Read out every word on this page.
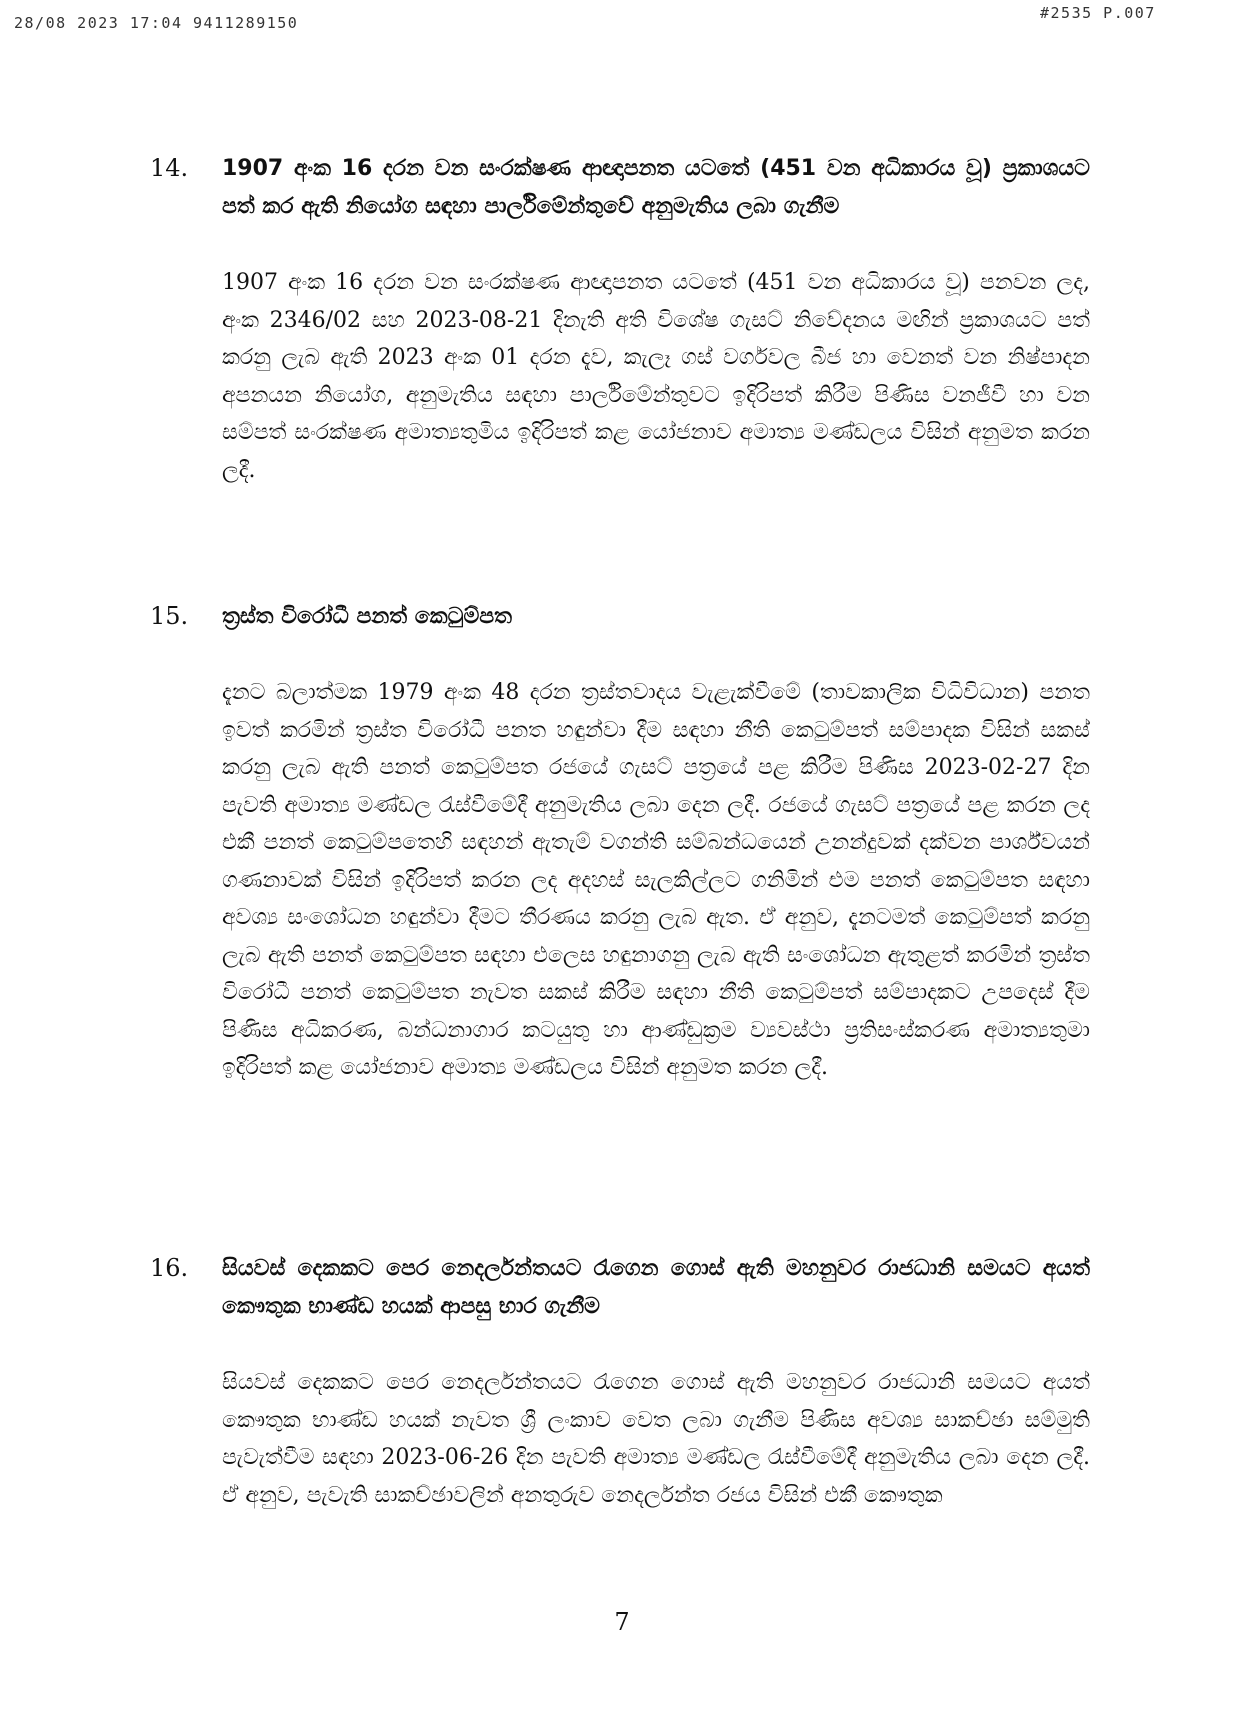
28/08 2023 17:04 9411289150
#2535 P.007
14. 1907 අංක 16 දරන වන සංරක්ෂණ ආඥාපනත යටතේ (451 වන අධිකාරය වූ) ප්‍රකාශයට පත් කර ඇති නියෝග සඳහා පාර්ලිමේන්තුවේ අනුමැතිය ලබා ගැනීම
1907 අංක 16 දරන වන සංරක්ෂණ ආඥාපනත යටතේ (451 වන අධිකාරය වූ) පනවන ලද, අංක 2346/02 සහ 2023-08-21 දිනැති අති විශේෂ ගැසට් නිවේදනය මඟින් ප්‍රකාශයට පත් කරනු ලැබ ඇති 2023 අංක 01 දරන දැව, කැලෑ ගස් වර්ගවල බීජ හා වෙනත් වන නිෂ්පාදන අපනයන නියෝග, අනුමැතිය සඳහා පාර්ලිමේන්තුවට ඉදිරිපත් කිරීම පිණිස වනජීවී හා වන සම්පත් සංරක්ෂණ අමාත්‍යතුමිය ඉදිරිපත් කළ යෝජනාව අමාත්‍ය මණ්ඩලය විසින් අනුමත කරන ලදී.
15. ත්‍රස්ත විරෝධී පනත් කෙටුම්පත
දැනට බලාත්මක 1979 අංක 48 දරන ත්‍රස්තවාදය වැළැක්වීමේ (තාවකාලික විධිවිධාන) පනත ඉවත් කරමින් ත්‍රස්ත විරෝධී පනත හඳුන්වා දීම සඳහා නීති කෙටුම්පත් සම්පාදක විසින් සකස් කරනු ලැබ ඇති පනත් කෙටුම්පත රජයේ ගැසට් පත්‍රයේ පළ කිරීම පිණිස 2023-02-27 දින පැවති අමාත්‍ය මණ්ඩල රැස්වීමේදී අනුමැතිය ලබා දෙන ලදී. රජයේ ගැසට් පත්‍රයේ පළ කරන ලද එකී පනත් කෙටුම්පතෙහි සඳහන් ඇතැම් වගන්ති සම්බන්ධයෙන් උනන්දුවක් දක්වන පාර්ශ්වයන් ගණනාවක් විසින් ඉදිරිපත් කරන ලද අදහස් සැලකිල්ලට ගනිමින් එම පනත් කෙටුම්පත සඳහා අවශ්‍ය සංශෝධන හඳුන්වා දීමට තීරණය කරනු ලැබ ඇත. ඒ අනුව, දැනටමත් කෙටුම්පත් කරනු ලැබ ඇති පනත් කෙටුම්පත සඳහා එලෙස හඳුනාගනු ලැබ ඇති සංශෝධන ඇතුළත් කරමින් ත්‍රස්ත විරෝධී පනත් කෙටුම්පත නැවත සකස් කිරීම සඳහා නීති කෙටුම්පත් සම්පාදකට උපදෙස් දීම පිණිස අධිකරණ, බන්ධනාගාර කටයුතු හා ආණ්ඩුක්‍රම ව්‍යවස්ථා ප්‍රතිසංස්කරණ අමාත්‍යතුමා ඉදිරිපත් කළ යෝජනාව අමාත්‍ය මණ්ඩලය විසින් අනුමත කරන ලදී.
16. සියවස් දෙකකට පෙර නෙදර්ලන්තයට රැගෙන ගොස් ඇති මහනුවර රාජධානි සමයට අයත් කෞතුක භාණ්ඩ හයක් ආපසු භාර ගැනීම
සියවස් දෙකකට පෙර නෙදර්ලන්තයට රැගෙන ගොස් ඇති මහනුවර රාජධානි සමයට අයත් කෞතුක භාණ්ඩ හයක් නැවත ශ්‍රී ලංකාව වෙත ලබා ගැනීම පිණිස අවශ්‍ය සාකච්ඡා සම්මුති පැවැත්වීම සඳහා 2023-06-26 දින පැවති අමාත්‍ය මණ්ඩල රැස්වීමේදී අනුමැතිය ලබා දෙන ලදී. ඒ අනුව, පැවැති සාකච්ඡාවලින් අනතුරුව නෙදර්ලන්ත රජය විසින් එකී කෞතුක
7
